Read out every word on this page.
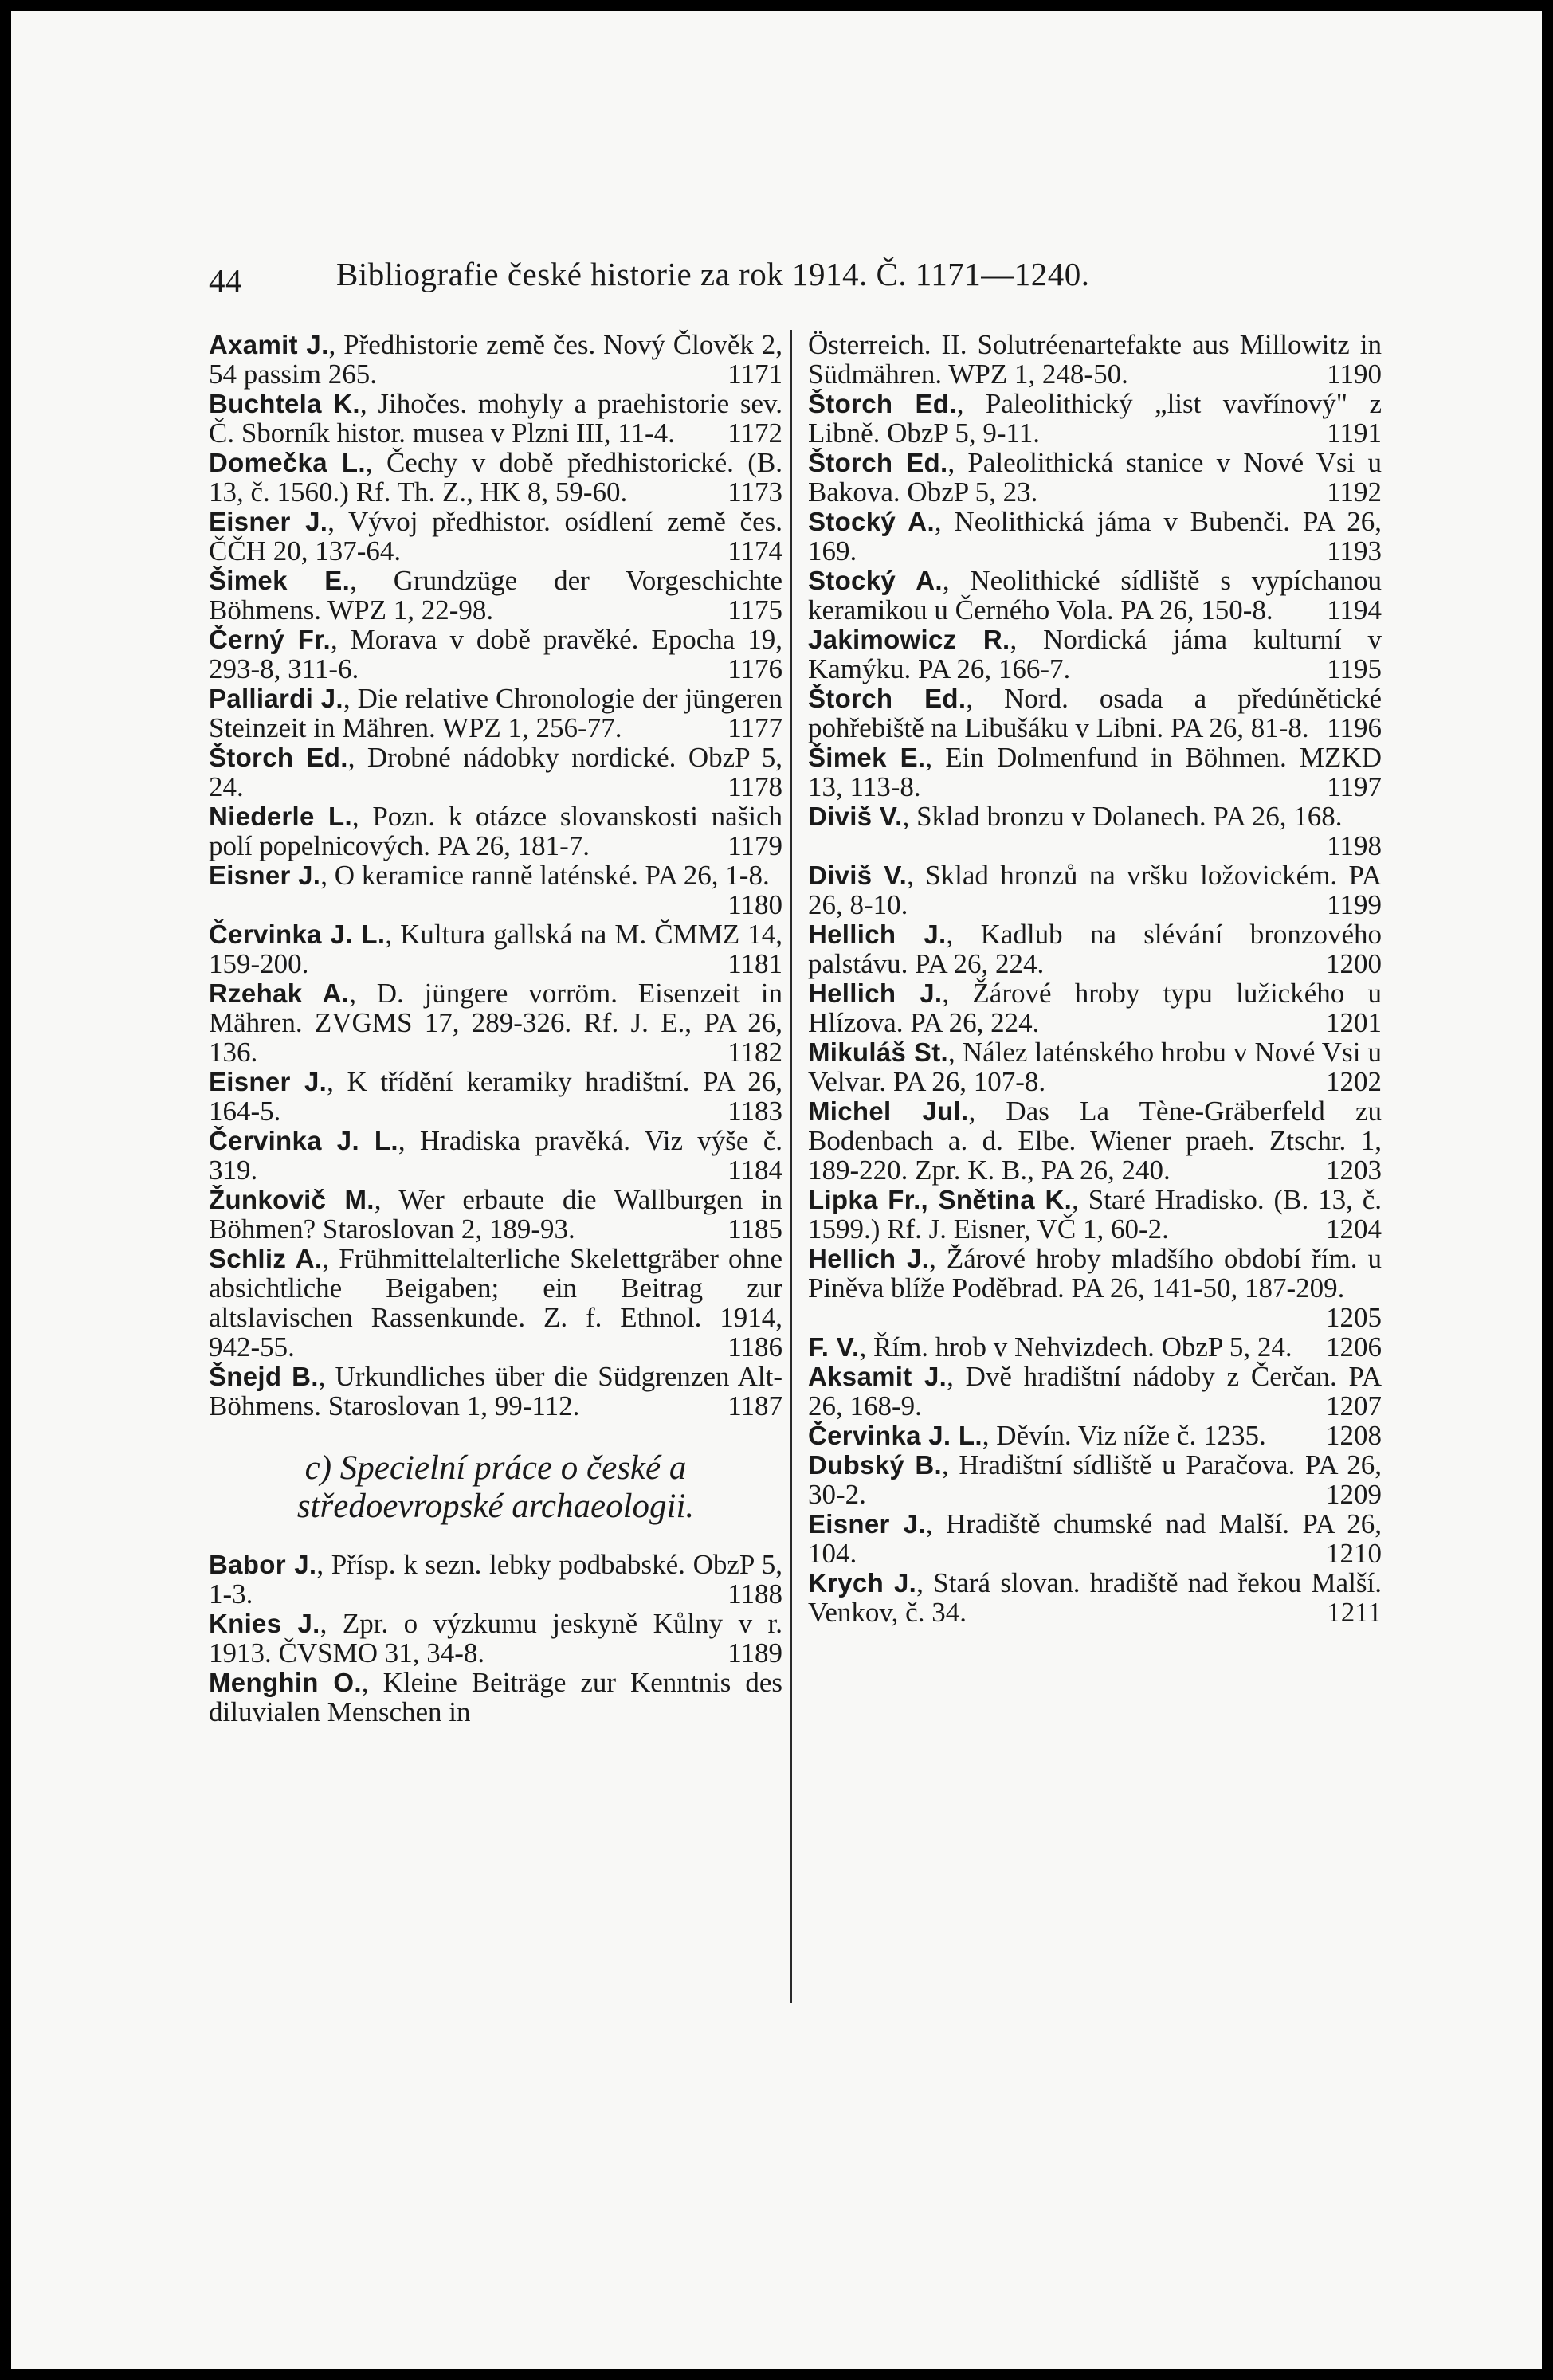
44	Bibliografie české historie za rok 1914. Č. 1171—1240.

Axamit J., Předhistorie země čes. Nový Člověk 2, 54 passim 265.	1171

Buchtela K., Jihočes. mohyly a praehistorie sev. Č. Sborník histor. musea v Plzni III, 11-4. 1172

Domečka L., Čechy v době předhistorické. (B. 13, č. 1560.) Rf. Th. Z., HK 8, 59-60.	1173

Eisner J., Vývoj předhistor. osídlení země čes. ČČH 20, 137-64.	1174

Šimek E., Grundzüge der Vorgeschichte Böhmens. WPZ 1, 22-98.	1175

Černý Fr., Morava v době pravěké. Epocha 19, 293-8, 311-6.	1176

Palliardi J., Die relative Chronologie der jüngeren Steinzeit in Mähren. WPZ 1, 256-77.	1177

Štorch Ed., Drobné nádobky nordické. ObzP 5, 24.	1178

Niederle L., Pozn. k otázce slovanskosti našich polí popelnicových. PA 26, 181-7.	1179

Eisner J., O keramice ranně laténské. PA 26, 1-8.
1180

Červinka J. L., Kultura gallská na M. ČMMZ 14, 159-200.	1181

Rzehak A., D. jüngere vorröm. Eisenzeit in Mähren. ZVGMS 17, 289-326. Rf. J. E., PA 26, 136.	1182

Eisner J., K třídění keramiky hradištní. PA 26, 164-5.	1183

Červinka J. L., Hradiska pravěká. Viz výše č. 319.	1184

Žunkovič M., Wer erbaute die Wallburgen in Böhmen? Staroslovan 2, 189-93.	1185

Schliz A., Frühmittelalterliche Skelettgräber ohne absichtliche Beigaben; ein Beitrag zur altslavischen Rassenkunde. Z. f. Ethnol. 1914, 942-55.	1186

Šnejd B., Urkundliches über die Südgrenzen Alt-Böhmens. Staroslovan 1, 99-112.	1187

c) Specielní práce o české a středoevropské archaeologii.

Babor J., Přísp. k sezn. lebky podbabské. ObzP 5, 1-3.	1188

Knies J., Zpr. o výzkumu jeskyně Kůlny v r. 1913. ČVSMO 31, 34-8.	1189

Menghin O., Kleine Beiträge zur Kenntnis des diluvialen Menschen in

Österreich. II. Solutréenartefakte aus Millowitz in Südmähren. WPZ 1, 248-50.	1190

Štorch Ed., Paleolithický „list vavřínový" z Libně. ObzP 5, 9-11.	1191

Štorch Ed., Paleolithická stanice v Nové Vsi u Bakova. ObzP 5, 23.	1192

Stocký A., Neolithická jáma v Bubenči. PA 26, 169.	1193

Stocký A., Neolithické sídliště s vypíchanou keramikou u Černého Vola. PA 26, 150-8. 1194

Jakimowicz R., Nordická jáma kulturní v Kamýku. PA 26, 166-7.	1195

Štorch Ed., Nord. osada a předúnětické pohřebiště na Libušáku v Libni. PA 26, 81-8. 1196

Šimek E., Ein Dolmenfund in Böhmen. MZKD 13, 113-8.	1197

Diviš V., Sklad bronzu v Dolanech. PA 26, 168.
1198

Diviš V., Sklad hronzů na vršku ložovickém. PA 26, 8-10.	1199

Hellich J., Kadlub na slévání bronzového palstávu. PA 26, 224.	1200

Hellich J., Žárové hroby typu lužického u Hlízova. PA 26, 224.	1201

Mikuláš St., Nález laténského hrobu v Nové Vsi u Velvar. PA 26, 107-8.	1202

Michel Jul., Das La Tène-Gräberfeld zu Bodenbach a. d. Elbe. Wiener praeh. Ztschr. 1, 189-220. Zpr. K. B., PA 26, 240.	1203

Lipka Fr., Snětina K., Staré Hradisko. (B. 13, č. 1599.) Rf. J. Eisner, VČ 1, 60-2.	1204

Hellich J., Žárové hroby mladšího období řím. u Piněva blíže Poděbrad. PA 26, 141-50, 187-209.
1205

F. V., Řím. hrob v Nehvizdech. ObzP 5, 24. 1206

Aksamit J., Dvě hradištní nádoby z Čerčan. PA 26, 168-9.	1207

Červinka J. L., Děvín. Viz níže č. 1235. 1208

Dubský B., Hradištní sídliště u Paračova. PA 26, 30-2.	1209

Eisner J., Hradiště chumské nad Malší. PA 26, 104.	1210

Krych J., Stará slovan. hradiště nad řekou Malší. Venkov, č. 34.	1211
